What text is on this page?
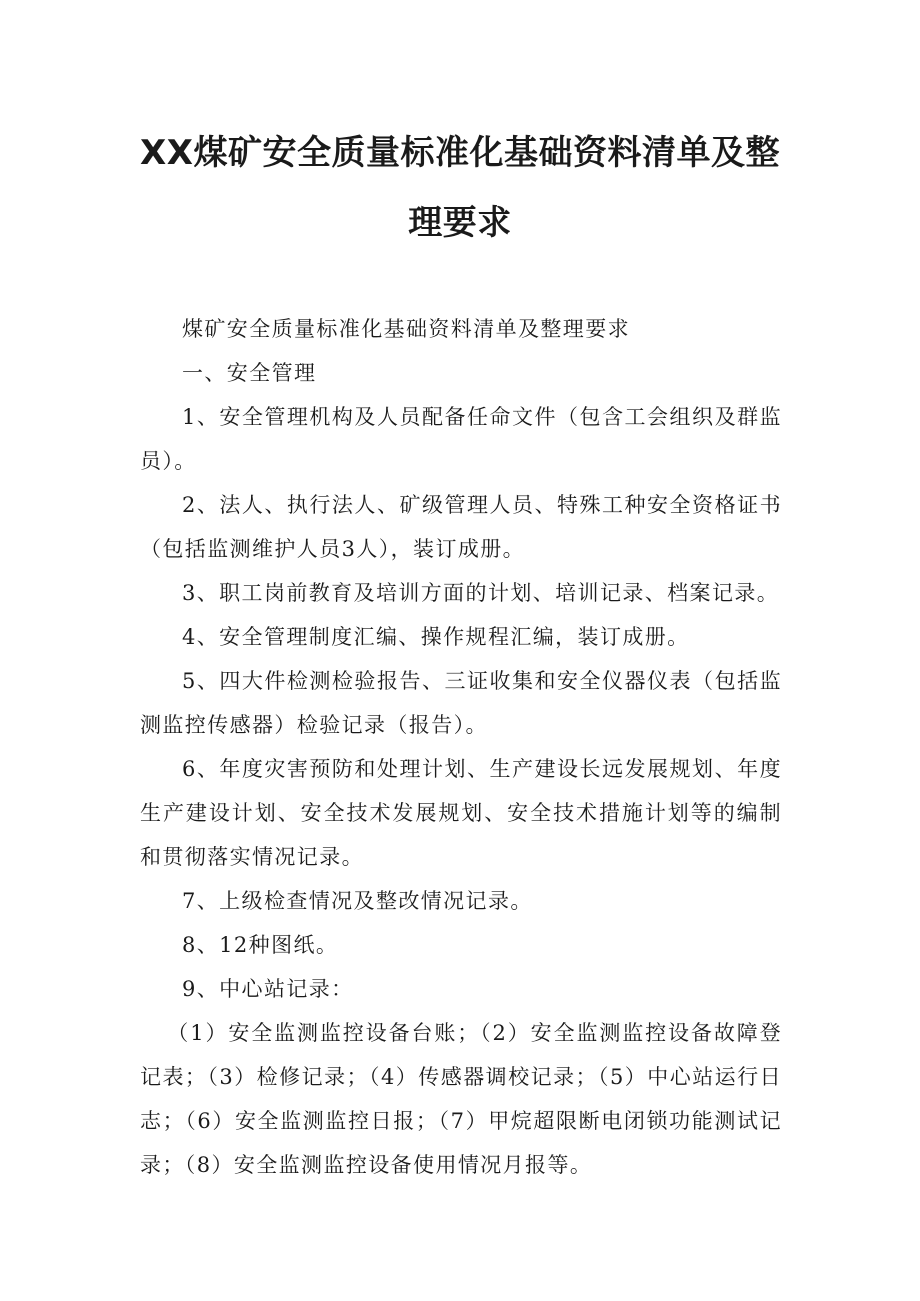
XX煤矿安全质量标准化基础资料清单及整
理要求

煤矿安全质量标准化基础资料清单及整理要求

一、安全管理

1、安全管理机构及人员配备任命文件（包含工会组织及群监员）。

2、法人、执行法人、矿级管理人员、特殊工种安全资格证书（包括监测维护人员3人），装订成册。

3、职工岗前教育及培训方面的计划、培训记录、档案记录。

4、安全管理制度汇编、操作规程汇编，装订成册。

5、四大件检测检验报告、三证收集和安全仪器仪表（包括监测监控传感器）检验记录（报告）。

6、年度灾害预防和处理计划、生产建设长远发展规划、年度生产建设计划、安全技术发展规划、安全技术措施计划等的编制和贯彻落实情况记录。

7、上级检查情况及整改情况记录。

8、12种图纸。

9、中心站记录：

（1）安全监测监控设备台账；（2）安全监测监控设备故障登记表；（3）检修记录；（4）传感器调校记录；（5）中心站运行日志；（6）安全监测监控日报；（7）甲烷超限断电闭锁功能测试记录；（8）安全监测监控设备使用情况月报等。
